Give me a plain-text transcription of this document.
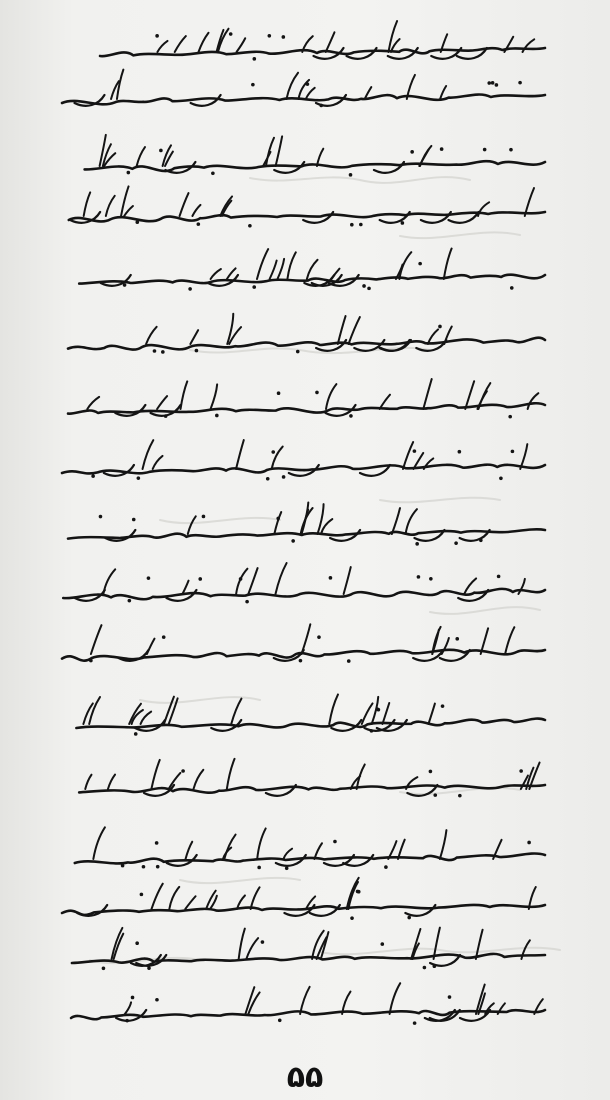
۵۵
